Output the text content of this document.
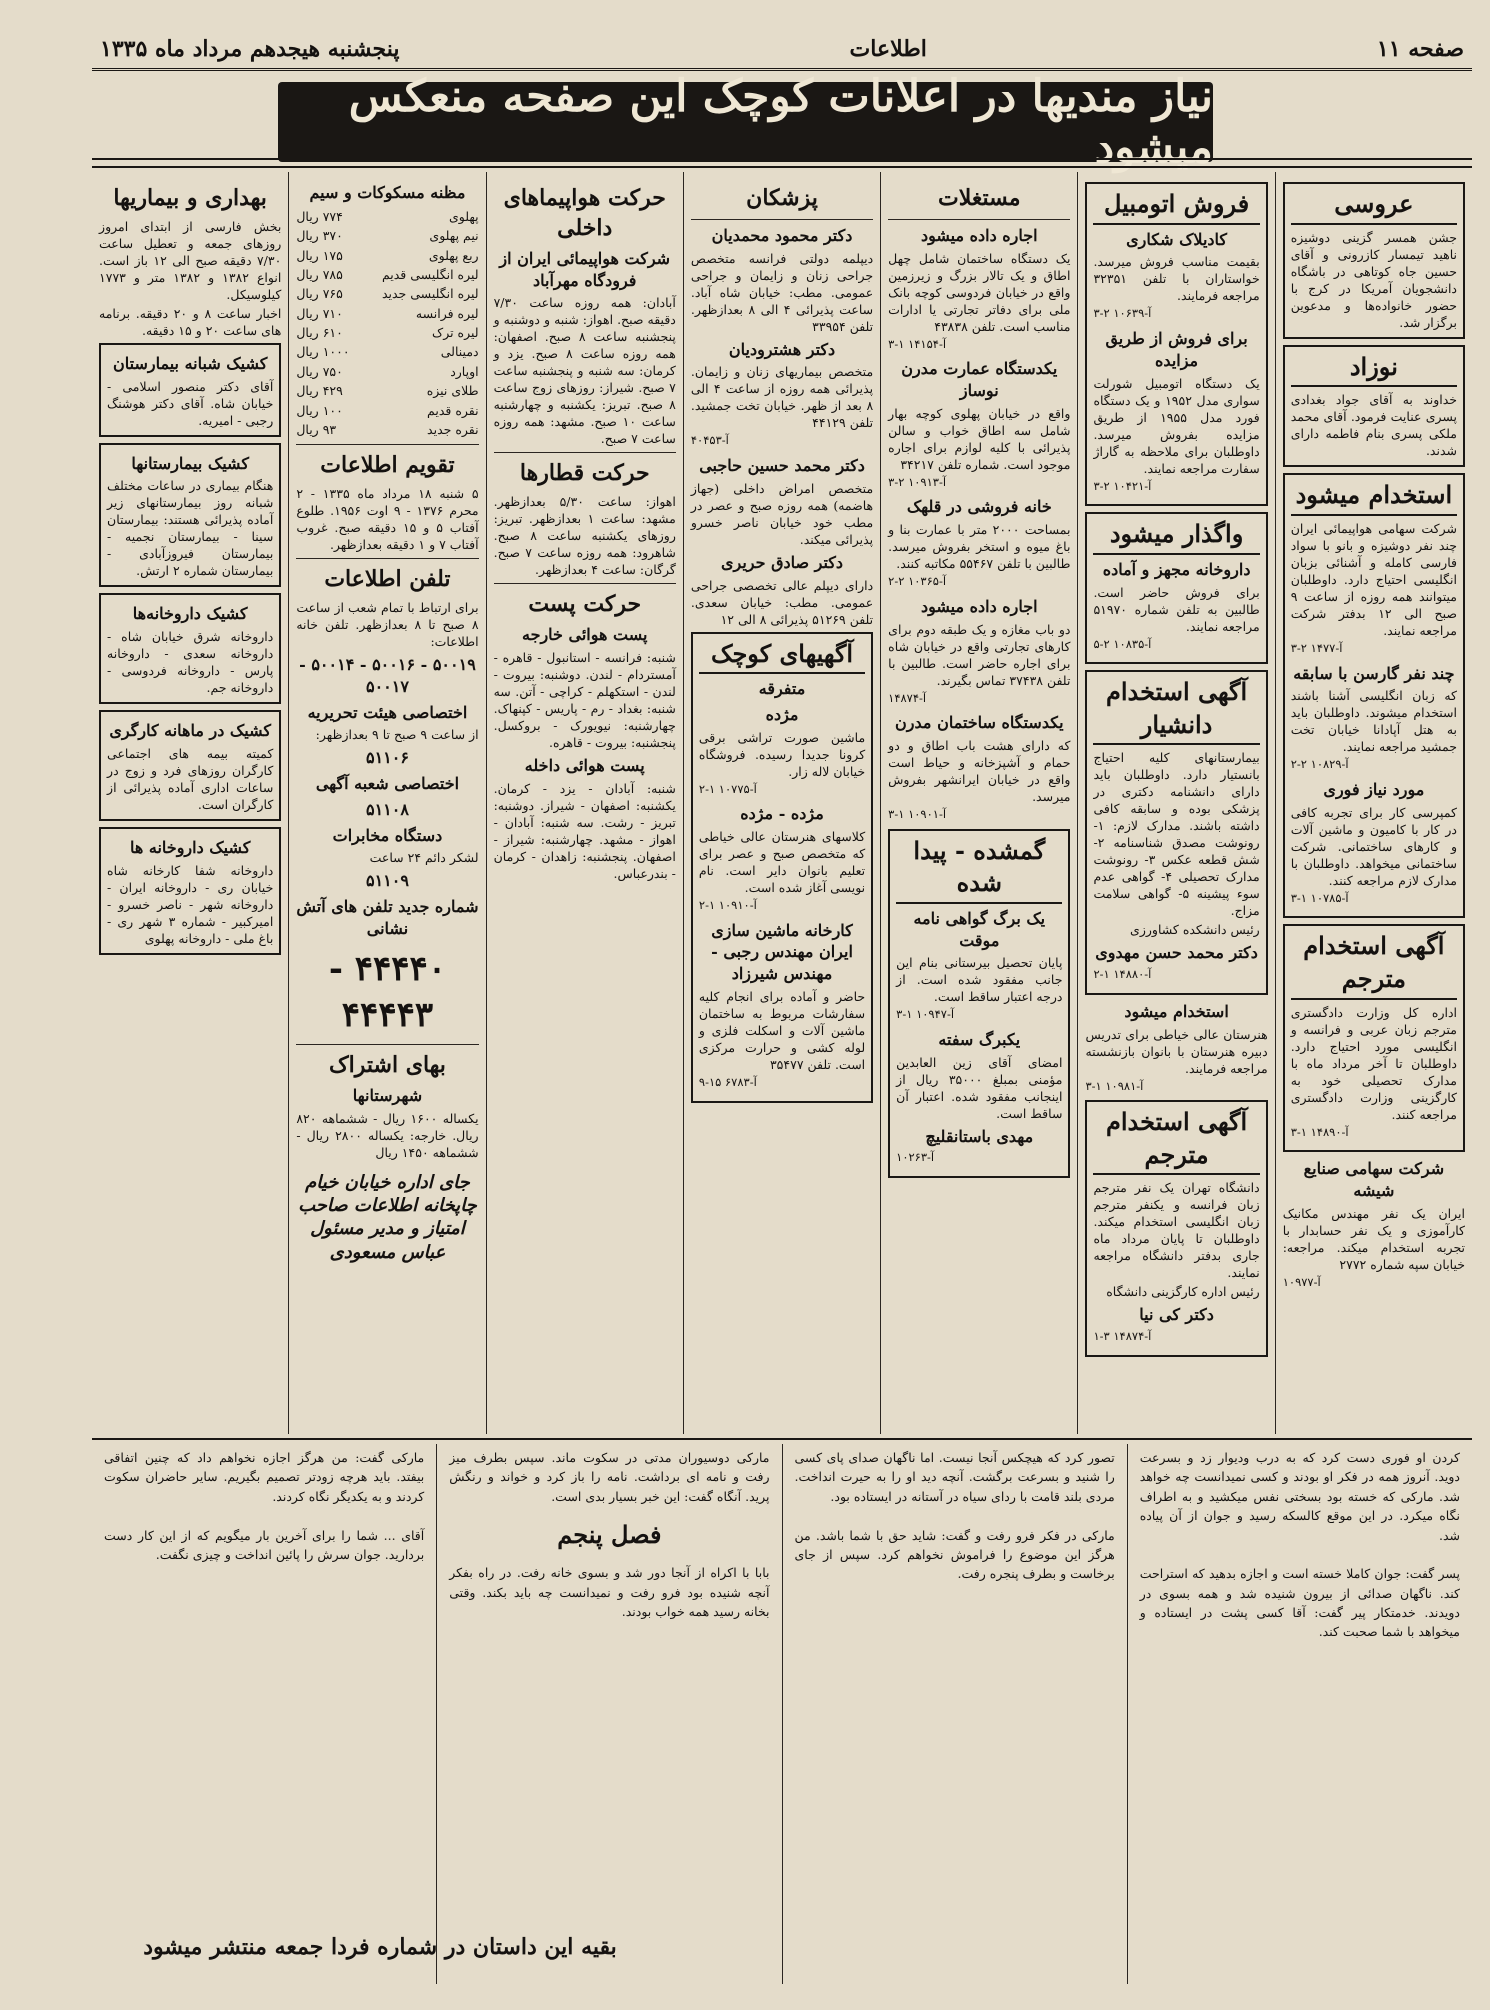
صفحه ۱۱
اطلاعات
پنجشنبه هیجدهم مرداد ماه ۱۳۳۵
نیاز مندیها در اعلانات کوچک این صفحه منعکس میشود
عروسی
جشن همسر گزینی دوشیزه ناهید تیمسار کازرونی و آقای حسین جاه کوتاهی در باشگاه دانشجویان آمریکا در کرج با حضور خانواده‌ها و مدعوین برگزار شد.
نوزاد
خداوند به آقای جواد بغدادی پسری عنایت فرمود. آقای محمد ملکی پسری بنام فاطمه دارای شدند.
استخدام میشود
شرکت سهامی هواپیمائی ایران چند نفر دوشیزه و بانو با سواد فارسی کامله و آشنائی بزبان انگلیسی احتیاج دارد. داوطلبان میتوانند همه روزه از ساعت ۹ صبح الی ۱۲ بدفتر شرکت مراجعه نمایند.
آ-۱۴۷۷ ۲-۳
چند نفر گارسن با سابقه
که زبان انگلیسی آشنا باشند استخدام میشوند. داوطلبان باید به هتل آپادانا خیابان تخت جمشید مراجعه نمایند.
آ-۱۰۸۲۹ ۲-۲
مورد نیاز فوری
کمپرسی کار برای تجربه کافی در کار با کامیون و ماشین آلات و کارهای ساختمانی. شرکت ساختمانی میخواهد. داوطلبان با مدارک لازم مراجعه کنند.
آ-۱۰۷۸۵ ۱-۳
آگهی استخدام مترجم
اداره کل وزارت دادگستری مترجم زبان عربی و فرانسه و انگلیسی مورد احتیاج دارد. داوطلبان تا آخر مرداد ماه با مدارک تحصیلی خود به کارگزینی وزارت دادگستری مراجعه کنند.
آ-۱۴۸۹۰ ۱-۳
شرکت سهامی صنایع شیشه
ایران یک نفر مهندس مکانیک کارآموزی و یک نفر حسابدار با تجربه استخدام میکند. مراجعه: خیابان سپه شماره ۲۷۷۲
آ-۱۰۹۷۷
فروش اتومبیل
کادیلاک شکاری
بقیمت مناسب فروش میرسد. خواستاران با تلفن ۳۲۳۵۱ مراجعه فرمایند.
آ-۱۰۶۳۹ ۲-۳
برای فروش از طریق مزایده
یک دستگاه اتومبیل شورلت سواری مدل ۱۹۵۲ و یک دستگاه فورد مدل ۱۹۵۵ از طریق مزایده بفروش میرسد. داوطلبان برای ملاحظه به گاراژ سفارت مراجعه نمایند.
آ-۱۰۴۲۱ ۲-۳
واگذار میشود
داروخانه مجهز و آماده
برای فروش حاضر است. طالبین به تلفن شماره ۵۱۹۷۰ مراجعه نمایند.
آ-۱۰۸۳۵ ۲-۵
آگهی استخدام دانشیار
بیمارستانهای کلیه احتیاج بانستیار دارد. داوطلبان باید دارای دانشنامه دکتری در پزشکی بوده و سابقه کافی داشته باشند. مدارک لازم: ۱- رونوشت مصدق شناسنامه ۲- شش قطعه عکس ۳- رونوشت مدارک تحصیلی ۴- گواهی عدم سوء پیشینه ۵- گواهی سلامت مزاج.
رئیس دانشکده کشاورزی
دکتر محمد حسن مهدوی
آ-۱۴۸۸۰ ۱-۲
استخدام میشود
هنرستان عالی خیاطی برای تدریس دبیره هنرستان با بانوان بازنشسته مراجعه فرمایند.
آ-۱۰۹۸۱ ۱-۳
آگهی استخدام مترجم
دانشگاه تهران یک نفر مترجم زبان فرانسه و یکنفر مترجم زبان انگلیسی استخدام میکند. داوطلبان تا پایان مرداد ماه جاری بدفتر دانشگاه مراجعه نمایند.
رئیس اداره کارگزینی دانشگاه
دکتر کی نیا
آ-۱۴۸۷۴ ۳-۱
مستغلات
اجاره داده میشود
یک دستگاه ساختمان شامل چهل اطاق و یک تالار بزرگ و زیرزمین واقع در خیابان فردوسی کوچه بانک ملی برای دفاتر تجارتی یا ادارات مناسب است. تلفن ۴۳۸۳۸
آ-۱۴۱۵۴ ۱-۳
یکدستگاه عمارت مدرن نوساز
واقع در خیابان پهلوی کوچه بهار شامل سه اطاق خواب و سالن پذیرائی با کلیه لوازم برای اجاره موجود است. شماره تلفن ۳۴۲۱۷
آ-۱۰۹۱۳ ۲-۳
خانه فروشی در قلهک
بمساحت ۲۰۰۰ متر با عمارت بنا و باغ میوه و استخر بفروش میرسد. طالبین با تلفن ۵۵۴۶۷ مکاتبه کنند.
آ-۱۰۳۶۵ ۲-۲
اجاره داده میشود
دو باب مغازه و یک طبقه دوم برای کارهای تجارتی واقع در خیابان شاه برای اجاره حاضر است. طالبین با تلفن ۳۷۴۳۸ تماس بگیرند.
آ-۱۴۸۷۴
یکدستگاه ساختمان مدرن
که دارای هشت باب اطاق و دو حمام و آشپزخانه و حیاط است واقع در خیابان ایرانشهر بفروش میرسد.
آ-۱۰۹۰۱ ۱-۳
گمشده - پیدا شده
یک برگ گواهی نامه موقت
پایان تحصیل بیرستانی بنام این جانب مفقود شده است. از درجه اعتبار ساقط است.
آ-۱۰۹۴۷ ۱-۳
یکبرگ سفته
امضای آقای زین العابدین مؤمنی بمبلغ ۳۵۰۰۰ ریال از اینجانب مفقود شده. اعتبار آن ساقط است.
مهدی باستانقلیچ
آ-۱۰۲۶۳
پزشکان
دکتر محمود محمدیان
دیپلمه دولتی فرانسه متخصص جراحی زنان و زایمان و جراحی عمومی. مطب: خیابان شاه آباد. ساعت پذیرائی ۴ الی ۸ بعدازظهر. تلفن ۳۳۹۵۴
دکتر هشترودیان
متخصص بیماریهای زنان و زایمان. پذیرائی همه روزه از ساعت ۴ الی ۸ بعد از ظهر. خیابان تخت جمشید. تلفن ۴۴۱۲۹
آ-۴۰۴۵۳
دکتر محمد حسین حاجبی
متخصص امراض داخلی (جهاز هاضمه) همه روزه صبح و عصر در مطب خود خیابان ناصر خسرو پذیرائی میکند.
دکتر صادق حریری
دارای دیپلم عالی تخصصی جراحی عمومی. مطب: خیابان سعدی. تلفن ۵۱۲۶۹ پذیرائی ۸ الی ۱۲
آگهیهای کوچک
متفرقه
مژده
ماشین صورت تراشی برقی کرونا جدیدا رسیده. فروشگاه خیابان لاله زار.
آ-۱۰۷۷۵ ۱-۲
مژده - مژده
کلاسهای هنرستان عالی خیاطی که متخصص صبح و عصر برای تعلیم بانوان دایر است. نام نویسی آغاز شده است.
آ-۱۰۹۱۰ ۱-۲
کارخانه ماشین سازی ایران مهندس رجبی - مهندس شیرزاد
حاضر و آماده برای انجام کلیه سفارشات مربوط به ساختمان ماشین آلات و اسکلت فلزی و لوله کشی و حرارت مرکزی است. تلفن ۳۵۴۷۷
آ-۶۷۸۳ ۱۵-۹
حرکت هواپیماهای داخلی
شرکت هواپیمائی ایران از فرودگاه مهرآباد
آبادان: همه روزه ساعت ۷/۳۰ دقیقه صبح. اهواز: شنبه و دوشنبه و پنجشنبه ساعت ۸ صبح. اصفهان: همه روزه ساعت ۸ صبح. یزد و کرمان: سه شنبه و پنجشنبه ساعت ۷ صبح. شیراز: روزهای زوج ساعت ۸ صبح. تبریز: یکشنبه و چهارشنبه ساعت ۱۰ صبح. مشهد: همه روزه ساعت ۷ صبح.
حرکت قطارها
اهواز: ساعت ۵/۳۰ بعدازظهر. مشهد: ساعت ۱ بعدازظهر. تبریز: روزهای یکشنبه ساعت ۸ صبح. شاهرود: همه روزه ساعت ۷ صبح. گرگان: ساعت ۴ بعدازظهر.
حرکت پست
پست هوائی خارجه
شنبه: فرانسه - استانبول - قاهره - آمستردام - لندن. دوشنبه: بیروت - لندن - استکهلم - کراچی - آتن. سه شنبه: بغداد - رم - پاریس - کپنهاک. چهارشنبه: نیویورک - بروکسل. پنجشنبه: بیروت - قاهره.
پست هوائی داخله
شنبه: آبادان - یزد - کرمان. یکشنبه: اصفهان - شیراز. دوشنبه: تبریز - رشت. سه شنبه: آبادان - اهواز - مشهد. چهارشنبه: شیراز - اصفهان. پنجشنبه: زاهدان - کرمان - بندرعباس.
مظنه مسکوکات و سیم
پهلوی
۷۷۴ ریال
نیم پهلوی
۳۷۰ ریال
ربع پهلوی
۱۷۵ ریال
لیره انگلیسی قدیم
۷۸۵ ریال
لیره انگلیسی جدید
۷۶۵ ریال
لیره فرانسه
۷۱۰ ریال
لیره ترک
۶۱۰ ریال
دمینالی
۱۰۰۰ ریال
اوپارد
۷۵۰ ریال
طلای نیزه
۴۲۹ ریال
نقره قدیم
۱۰۰ ریال
نقره جدید
۹۳ ریال
تقویم اطلاعات
۵ شنبه ۱۸ مرداد ماه ۱۳۳۵ - ۲ محرم ۱۳۷۶ - ۹ اوت ۱۹۵۶. طلوع آفتاب ۵ و ۱۵ دقیقه صبح. غروب آفتاب ۷ و ۱ دقیقه بعدازظهر.
تلفن اطلاعات
برای ارتباط با تمام شعب از ساعت ۸ صبح تا ۸ بعدازظهر. تلفن خانه اطلاعات:
۵۰۰۱۹ - ۵۰۰۱۶ - ۵۰۰۱۴ - ۵۰۰۱۷
اختصاصی هیئت تحریریه
از ساعت ۹ صبح تا ۹ بعدازظهر:
۵۱۱۰۶
اختصاصی شعبه آگهی
۵۱۱۰۸
دستگاه مخابرات
لشکر دائم ۲۴ ساعت
۵۱۱۰۹
شماره جدید تلفن های آتش نشانی
۴۴۴۴۰ - ۴۴۴۴۳
بهای اشتراک
شهرستانها
یکساله ۱۶۰۰ ریال - ششماهه ۸۲۰ ریال. خارجه: یکساله ۲۸۰۰ ریال - ششماهه ۱۴۵۰ ریال
جای اداره خیابان خیام چاپخانه اطلاعات صاحب امتیاز و مدیر مسئول عباس مسعودی
بهداری و بیماریها
بخش فارسی از ابتدای امروز روزهای جمعه و تعطیل ساعت ۷/۳۰ دقیقه صبح الی ۱۲ باز است. انواع ۱۳۸۲ و ۱۳۸۲ متر و ۱۷۷۳ کیلوسیکل.
اخبار ساعت ۸ و ۲۰ دقیقه. برنامه های ساعت ۲۰ و ۱۵ دقیقه.
کشیک شبانه بیمارستان
آقای دکتر منصور اسلامی - خیابان شاه. آقای دکتر هوشنگ رجبی - امیریه.
کشیک بیمارستانها
هنگام بیماری در ساعات مختلف شبانه روز بیمارستانهای زیر آماده پذیرائی هستند: بیمارستان سینا - بیمارستان نجمیه - بیمارستان فیروزآبادی - بیمارستان شماره ۲ ارتش.
کشیک داروخانه‌ها
داروخانه شرق خیابان شاه - داروخانه سعدی - داروخانه پارس - داروخانه فردوسی - داروخانه جم.
کشیک در ماهانه کارگری
کمیته بیمه های اجتماعی کارگران روزهای فرد و زوج در ساعات اداری آماده پذیرائی از کارگران است.
کشیک داروخانه ها
داروخانه شفا کارخانه شاه خیابان ری - داروخانه ایران - داروخانه شهر - ناصر خسرو - امیرکبیر - شماره ۳ شهر ری - باغ ملی - داروخانه پهلوی
کردن او فوری دست کرد که به درب ودیوار زد و بسرعت دوید. آنروز همه در فکر او بودند و کسی نمیدانست چه خواهد شد. مارکی که خسته بود بسختی نفس میکشید و به اطراف نگاه میکرد. در این موقع کالسکه رسید و جوان از آن پیاده شد.

پسر گفت: جوان کاملا خسته است و اجازه بدهید که استراحت کند. ناگهان صدائی از بیرون شنیده شد و همه بسوی در دویدند. خدمتکار پیر گفت: آقا کسی پشت در ایستاده و میخواهد با شما صحبت کند.
تصور کرد که هیچکس آنجا نیست. اما ناگهان صدای پای کسی را شنید و بسرعت برگشت. آنچه دید او را به حیرت انداخت. مردی بلند قامت با ردای سیاه در آستانه در ایستاده بود.

مارکی در فکر فرو رفت و گفت: شاید حق با شما باشد. من هرگز این موضوع را فراموش نخواهم کرد. سپس از جای برخاست و بطرف پنجره رفت.
مارکی دوسیوران مدتی در سکوت ماند. سپس بطرف میز رفت و نامه ای برداشت. نامه را باز کرد و خواند و رنگش پرید. آنگاه گفت: این خبر بسیار بدی است.
فصل پنجم
بابا با اکراه از آنجا دور شد و بسوی خانه رفت. در راه بفکر آنچه شنیده بود فرو رفت و نمیدانست چه باید بکند. وقتی بخانه رسید همه خواب بودند.
مارکی گفت: من هرگز اجازه نخواهم داد که چنین اتفاقی بیفتد. باید هرچه زودتر تصمیم بگیریم. سایر حاضران سکوت کردند و به یکدیگر نگاه کردند.

آقای ... شما را برای آخرین بار میگویم که از این کار دست بردارید. جوان سرش را پائین انداخت و چیزی نگفت.
بقیه این داستان در شماره فردا جمعه منتشر میشود
